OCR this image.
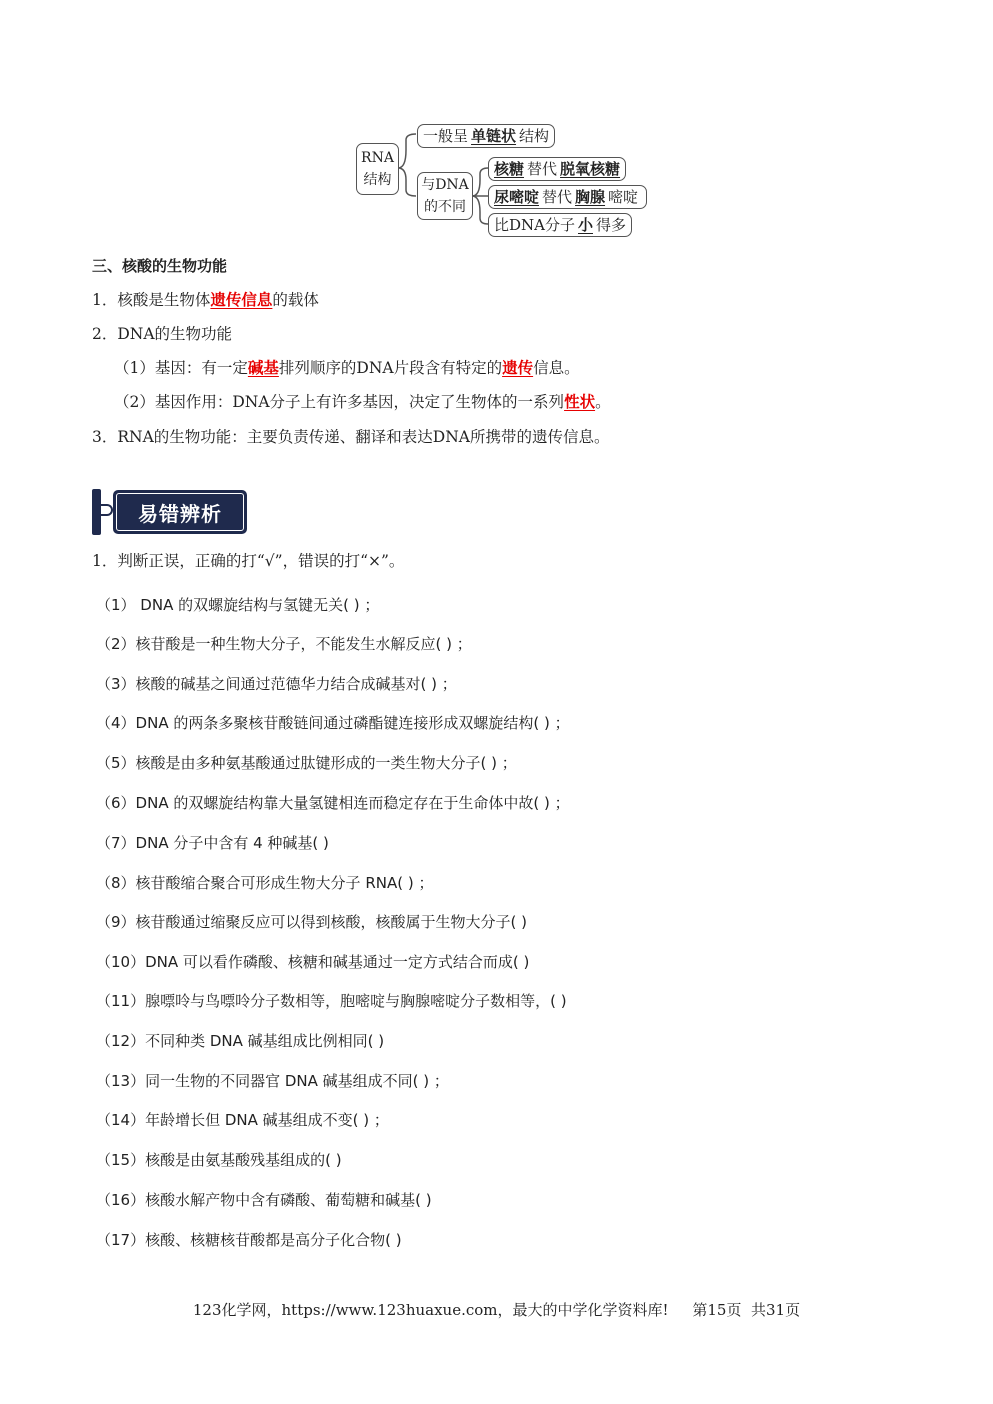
RNA
结构
一般呈 单链状 结构
与DNA
的不同
核糖 替代 脱氧核糖
尿嘧啶 替代 胸腺 嘧啶
比DNA分子 小 得多
三、核酸的生物功能
1．核酸是生物体遗传信息的载体
2．DNA的生物功能
（1）基因：有一定碱基排列顺序的DNA片段含有特定的遗传信息。
（2）基因作用：DNA分子上有许多基因，决定了生物体的一系列性状。
3．RNA的生物功能：主要负责传递、翻译和表达DNA所携带的遗传信息。
易错辨析
1．判断正误，正确的打“√”，错误的打“×”。
（1） DNA 的双螺旋结构与氢键无关( ) ；
（2）核苷酸是一种生物大分子，不能发生水解反应( ) ；
（3）核酸的碱基之间通过范德华力结合成碱基对( ) ；
（4）DNA 的两条多聚核苷酸链间通过磷酯键连接形成双螺旋结构( ) ；
（5）核酸是由多种氨基酸通过肽键形成的一类生物大分子( ) ；
（6）DNA 的双螺旋结构靠大量氢键相连而稳定存在于生命体中故( ) ；
（7）DNA 分子中含有 4 种碱基( )
（8）核苷酸缩合聚合可形成生物大分子 RNA( ) ；
（9）核苷酸通过缩聚反应可以得到核酸，核酸属于生物大分子( )
（10）DNA 可以看作磷酸、核糖和碱基通过一定方式结合而成( )
（11）腺嘌呤与鸟嘌呤分子数相等，胞嘧啶与胸腺嘧啶分子数相等，( )
（12）不同种类 DNA 碱基组成比例相同( )
（13）同一生物的不同器官 DNA 碱基组成不同( ) ；
（14）年龄增长但 DNA 碱基组成不变( ) ；
（15）核酸是由氨基酸残基组成的( )
（16）核酸水解产物中含有磷酸、葡萄糖和碱基( )
（17）核酸、核糖核苷酸都是高分子化合物( )
123化学网，https://www.123huaxue.com，最大的中学化学资料库!     第15页  共31页
